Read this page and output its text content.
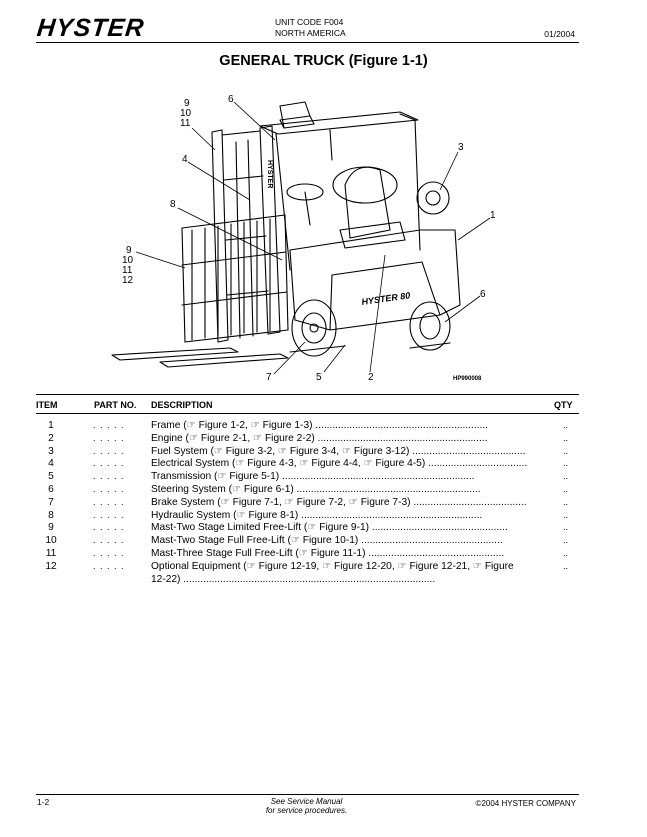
HYSTER	UNIT CODE F004
NORTH AMERICA	01/2004
GENERAL TRUCK (Figure 1-1)
HYSTER 80
HYSTER
9
10
11
6
3
4
1
8
9
10
11
12
6
7	5	2	HP990008
ITEM	PART NO. DESCRIPTION	QTY
1	. . . . .	Frame (☞ Figure 1-2, ☞ Figure 1-3) .............................................................	..
2	. . . . .	Engine (☞ Figure 2-1, ☞ Figure 2-2) ............................................................	..
3	. . . . .	Fuel System (☞ Figure 3-2, ☞ Figure 3-4, ☞ Figure 3-12) ........................................	..
4	. . . . .	Electrical System (☞ Figure 4-3, ☞ Figure 4-4, ☞ Figure 4-5) ...................................	..
5	. . . . .	Transmission (☞ Figure 5-1) ....................................................................	..
6	. . . . .	Steering System (☞ Figure 6-1) .................................................................	..
7	. . . . .	Brake System (☞ Figure 7-1, ☞ Figure 7-2, ☞ Figure 7-3) ........................................	..
8	. . . . .	Hydraulic System (☞ Figure 8-1) ................................................................	..
9	. . . . .	Mast-Two Stage Limited Free-Lift (☞ Figure 9-1) ................................................	..
10	. . . . .	Mast-Two Stage Full Free-Lift (☞ Figure 10-1) ..................................................	..
11	. . . . .	Mast-Three Stage Full Free-Lift (☞ Figure 11-1) ................................................	..
12	. . . . .	Optional Equipment (☞ Figure 12-19, ☞ Figure 12-20, ☞ Figure 12-21, ☞ Figure
12-22) .........................................................................................
..
1-2	See Service Manual
for service procedures.
©2004 HYSTER COMPANY
